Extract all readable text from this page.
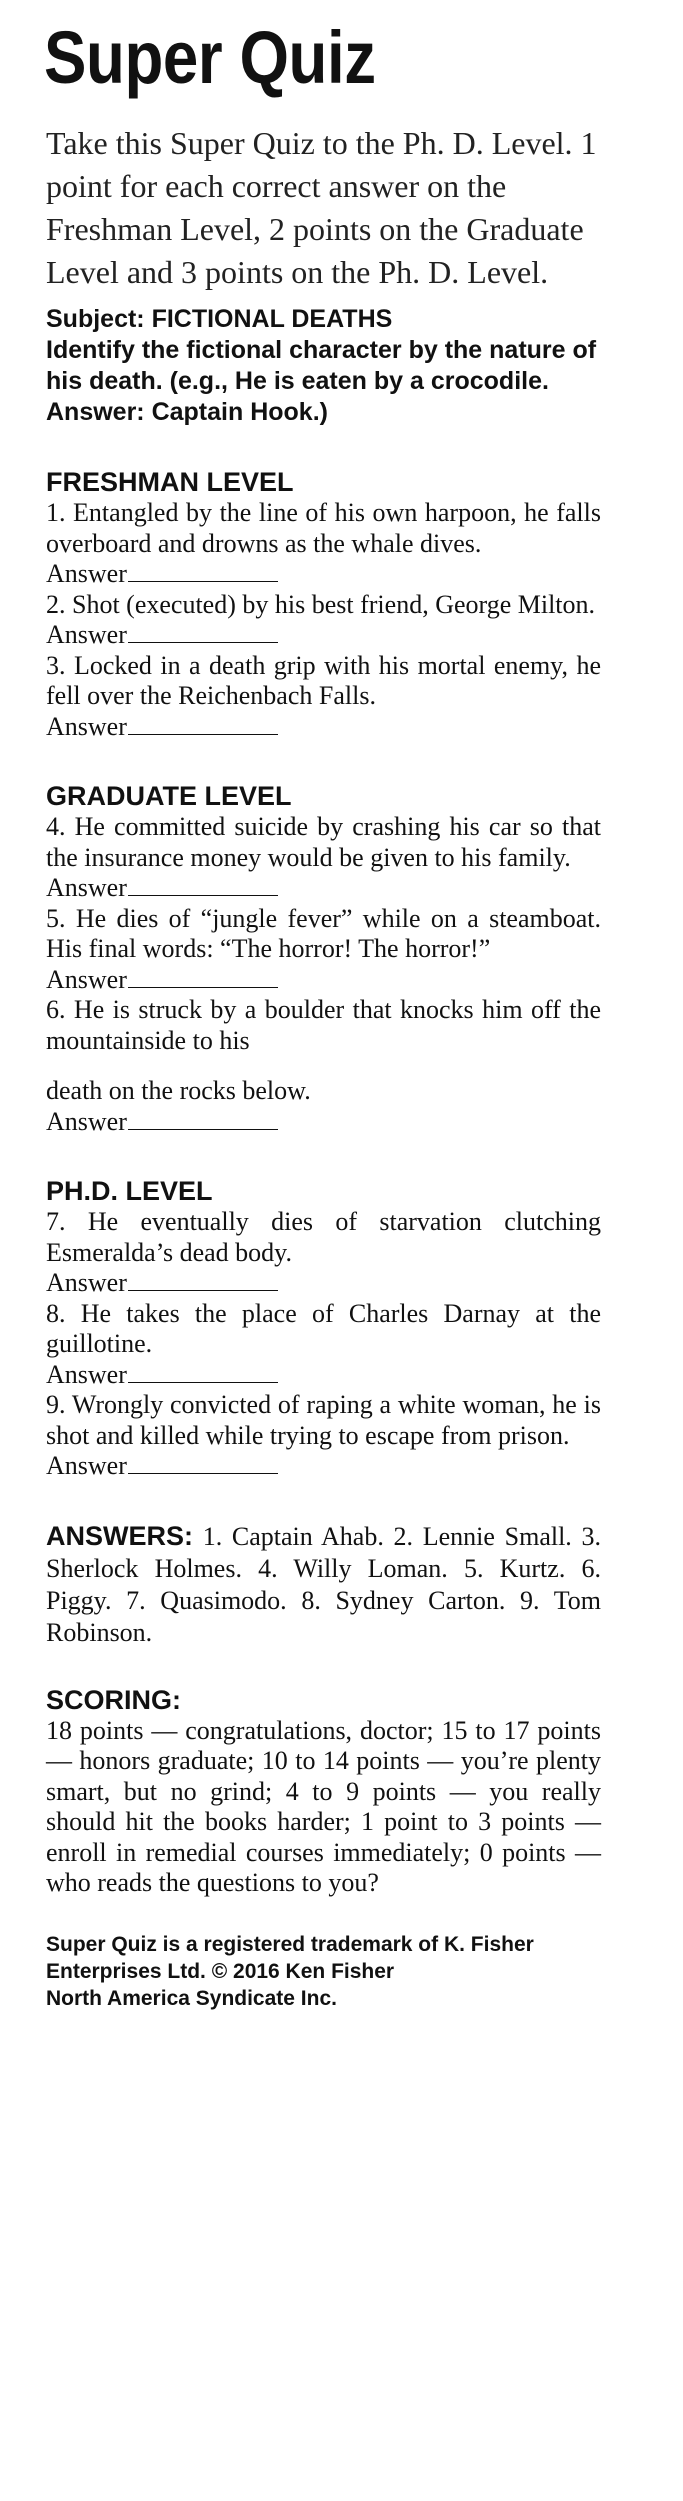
Super Quiz
Take this Super Quiz to the Ph. D. Level. 1 point for each correct answer on the Freshman Level, 2 points on the Graduate Level and 3 points on the Ph. D. Level.
Subject: FICTIONAL DEATHS
Identify the fictional character by the nature of his death. (e.g., He is eaten by a crocodile. Answer: Captain Hook.)
FRESHMAN LEVEL
1. Entangled by the line of his own harpoon, he falls overboard and drowns as the whale dives.
Answer
2. Shot (executed) by his best friend, George Milton.
Answer
3. Locked in a death grip with his mortal enemy, he fell over the Reichenbach Falls.
Answer
GRADUATE LEVEL
4. He committed suicide by crashing his car so that the insurance money would be given to his family.
Answer
5. He dies of “jungle fever” while on a steamboat. His final words: “The horror! The horror!”
Answer
6. He is struck by a boulder that knocks him off the mountainside to his
death on the rocks below.
Answer
PH.D. LEVEL
7. He eventually dies of starvation clutching Esmeralda’s dead body.
Answer
8. He takes the place of Charles Darnay at the guillotine.
Answer
9. Wrongly convicted of raping a white woman, he is shot and killed while trying to escape from prison.
Answer
ANSWERS: 1. Captain Ahab. 2. Lennie Small. 3. Sherlock Holmes. 4. Willy Loman. 5. Kurtz. 6. Piggy. 7. Quasimodo. 8. Sydney Carton. 9. Tom Robinson.
SCORING:
18 points — congratulations, doctor; 15 to 17 points — honors graduate; 10 to 14 points — you’re plenty smart, but no grind; 4 to 9 points — you really should hit the books harder; 1 point to 3 points — enroll in remedial courses immediately; 0 points — who reads the questions to you?
Super Quiz is a registered trademark of K. Fisher Enterprises Ltd. © 2016 Ken Fisher
North America Syndicate Inc.
